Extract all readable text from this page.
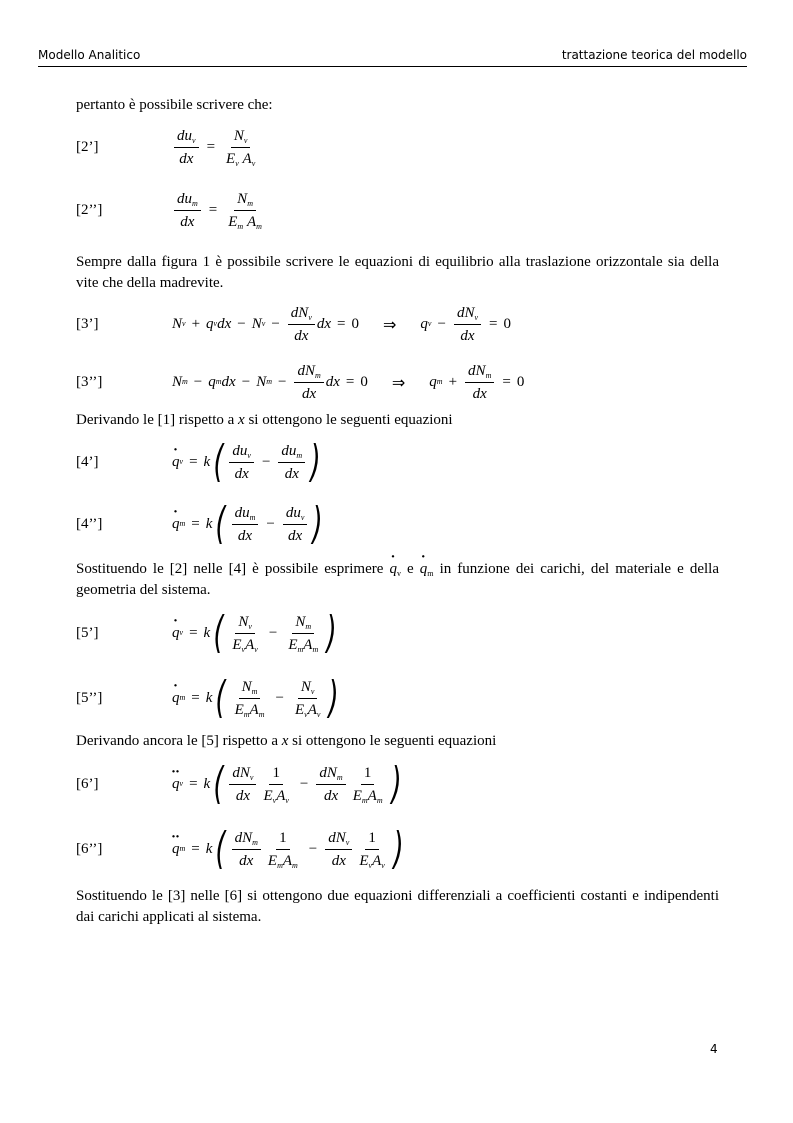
Modello Analitico	trattazione teorica del modello

pertanto è possibile scrivere che:

[2’]	$\frac{du_v}{dx} = \frac{N_v}{E_v A_v}$
[2’’]	$\frac{du_m}{dx} = \frac{N_m}{E_m A_m}$

Sempre dalla figura 1 è possibile scrivere le equazioni di equilibrio alla traslazione orizzontale sia della vite che della madrevite.

[3’]	N v + q v dx − N $v - \frac{dN_v}{dx}$ dx = 0 ⇒ q $v - \frac{dN_v}{dx} = 0$
[3’’]	N m − q m dx − N $m - \frac{dN_m}{dx}$ dx = 0 ⇒ q $m + \frac{dN_m}{dx} = 0$

Derivando le [1] rispetto a x si ottengono le seguenti equazioni

[4’]	· q v = k ( $\frac{du_v}{dx} - \frac{du_m}{dx}$ )
[4’’]	· q m = k ( $\frac{du_m}{dx} - \frac{du_v}{dx}$ )

Sostituendo le [2] nelle [4] è possibile esprimere · $q_v$ $e \cdot q_m$ in funzione dei carichi, del materiale e della geometria del sistema.

[5’]	· q v = k ( $\frac{N_v}{E_vA_v} - \frac{N_m}{E_mA_m}$ )
[5’’]	· q m = k ( $\frac{N_m}{E_mA_m} - \frac{N_v}{E_vA_v}$ )

Derivando ancora le [5] rispetto a x si ottengono le seguenti equazioni

[6’]	·· q v = k ( $\frac{dN_v}{dx} \frac{1}{E_vA_v} - \frac{dN_m}{dx} \frac{1}{E_mA_m}$ )
[6’’]	·· q m = k ( $\frac{dN_m}{dx} \frac{1}{E_mA_m} - \frac{dN_v}{dx} \frac{1}{E_vA_v}$ )

Sostituendo le [3] nelle [6] si ottengono due equazioni differenziali a coefficienti costanti e indipendenti dai carichi applicati al sistema.

4
